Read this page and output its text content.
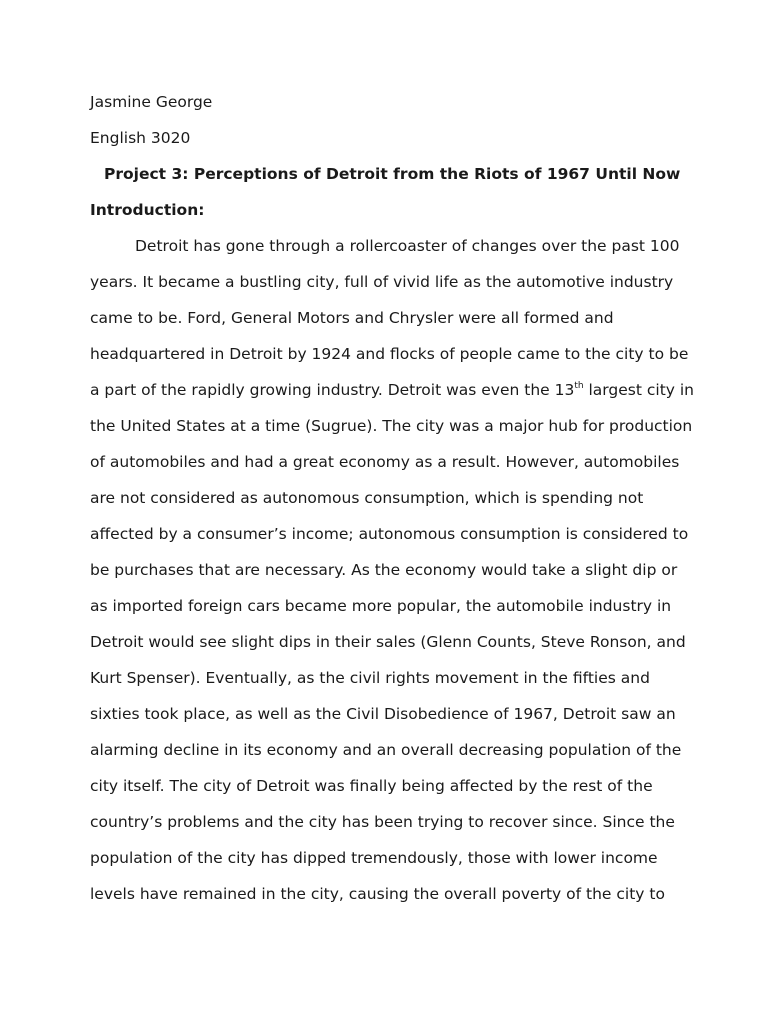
Jasmine George
English 3020
Project 3: Perceptions of Detroit from the Riots of 1967 Until Now
Introduction:
Detroit has gone through a rollercoaster of changes over the past 100
years. It became a bustling city, full of vivid life as the automotive industry
came to be. Ford, General Motors and Chrysler were all formed and
headquartered in Detroit by 1924 and flocks of people came to the city to be
a part of the rapidly growing industry. Detroit was even the 13th largest city in
the United States at a time (Sugrue). The city was a major hub for production
of automobiles and had a great economy as a result. However, automobiles
are not considered as autonomous consumption, which is spending not
affected by a consumer’s income; autonomous consumption is considered to
be purchases that are necessary. As the economy would take a slight dip or
as imported foreign cars became more popular, the automobile industry in
Detroit would see slight dips in their sales (Glenn Counts, Steve Ronson, and
Kurt Spenser). Eventually, as the civil rights movement in the fifties and
sixties took place, as well as the Civil Disobedience of 1967, Detroit saw an
alarming decline in its economy and an overall decreasing population of the
city itself. The city of Detroit was finally being affected by the rest of the
country’s problems and the city has been trying to recover since. Since the
population of the city has dipped tremendously, those with lower income
levels have remained in the city, causing the overall poverty of the city to
